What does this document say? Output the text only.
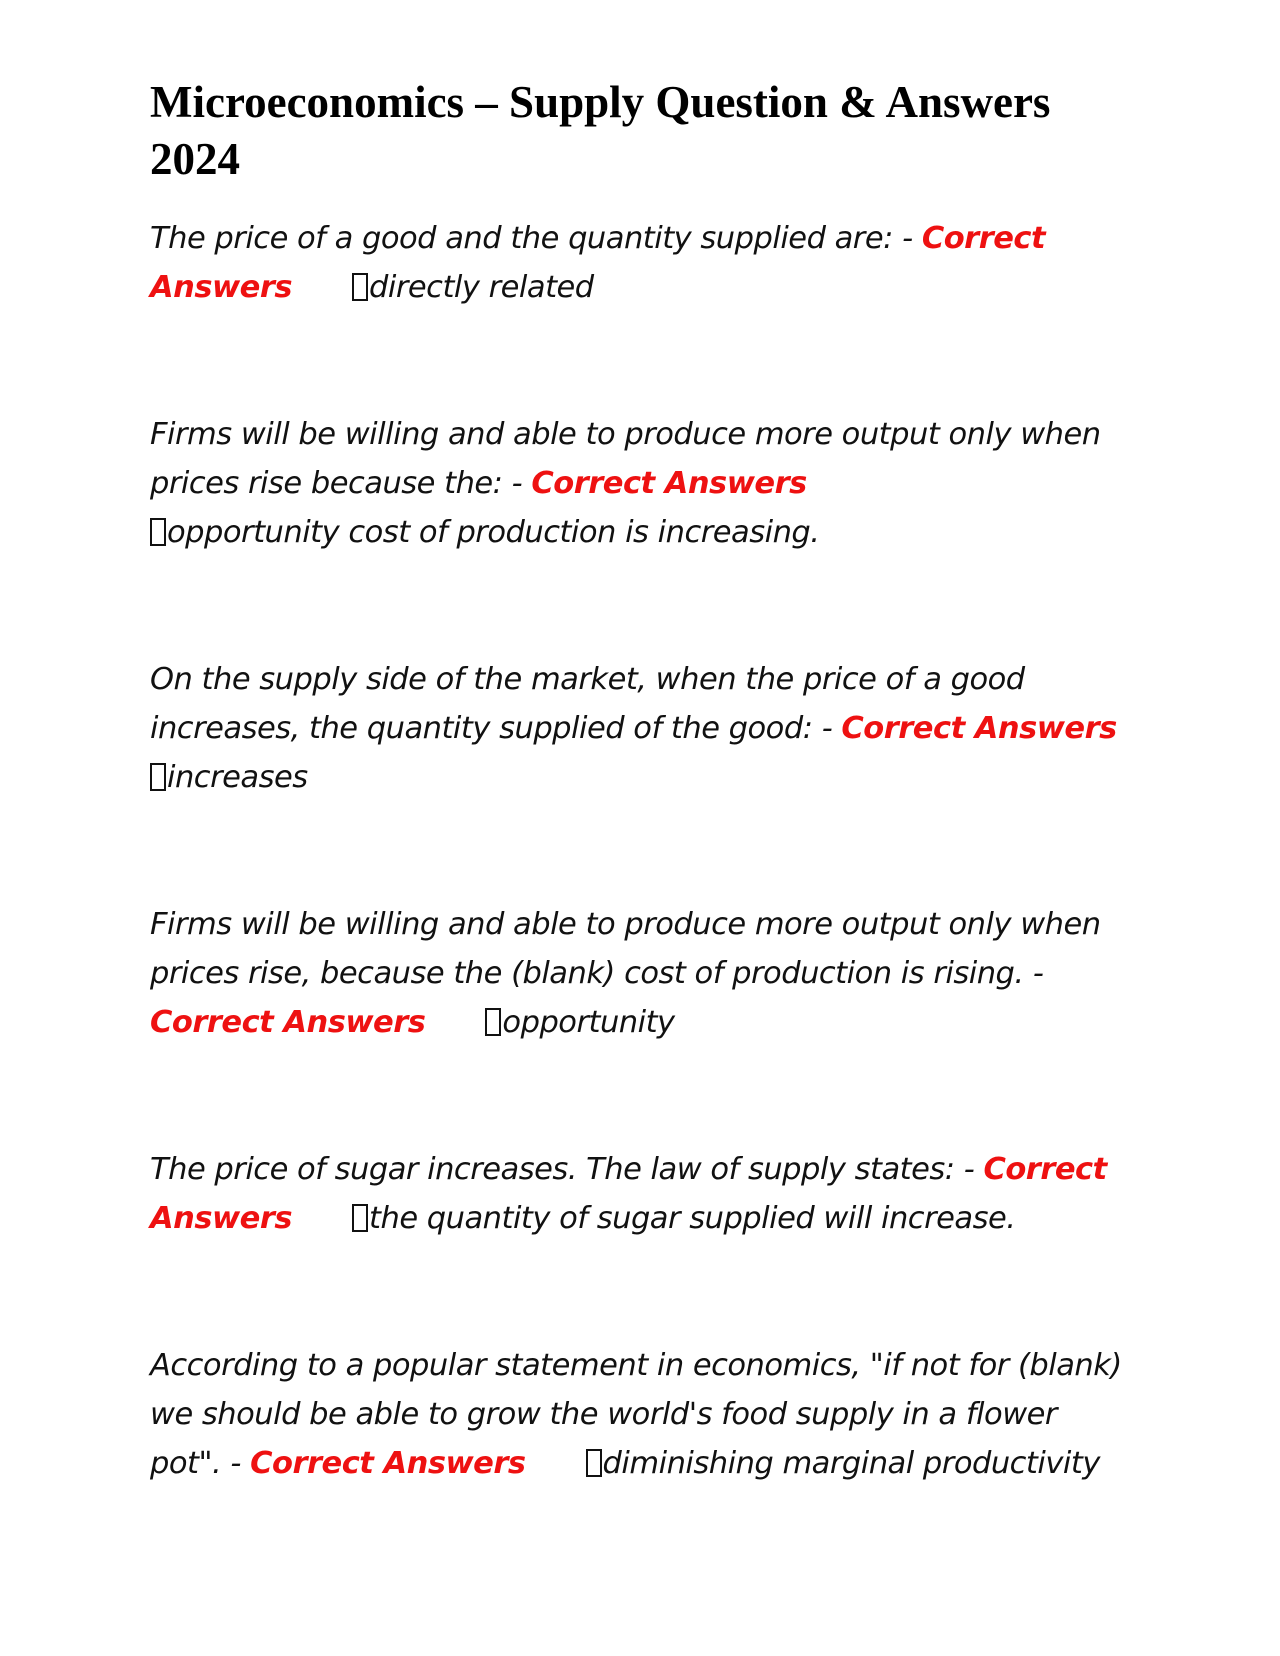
Microeconomics – Supply Question & Answers 2024

The price of a good and the quantity supplied are: - Correct Answers	directly related

Firms will be willing and able to produce more output only when prices rise because the: - Correct Answers
opportunity cost of production is increasing.

On the supply side of the market, when the price of a good increases, the quantity supplied of the good: - Correct Answers
increases

Firms will be willing and able to produce more output only when prices rise, because the (blank) cost of production is rising. - Correct Answers	opportunity

The price of sugar increases. The law of supply states: - Correct Answers	the quantity of sugar supplied will increase.

According to a popular statement in economics, "if not for (blank) we should be able to grow the world's food supply in a flower pot". - Correct Answers	diminishing marginal productivity
